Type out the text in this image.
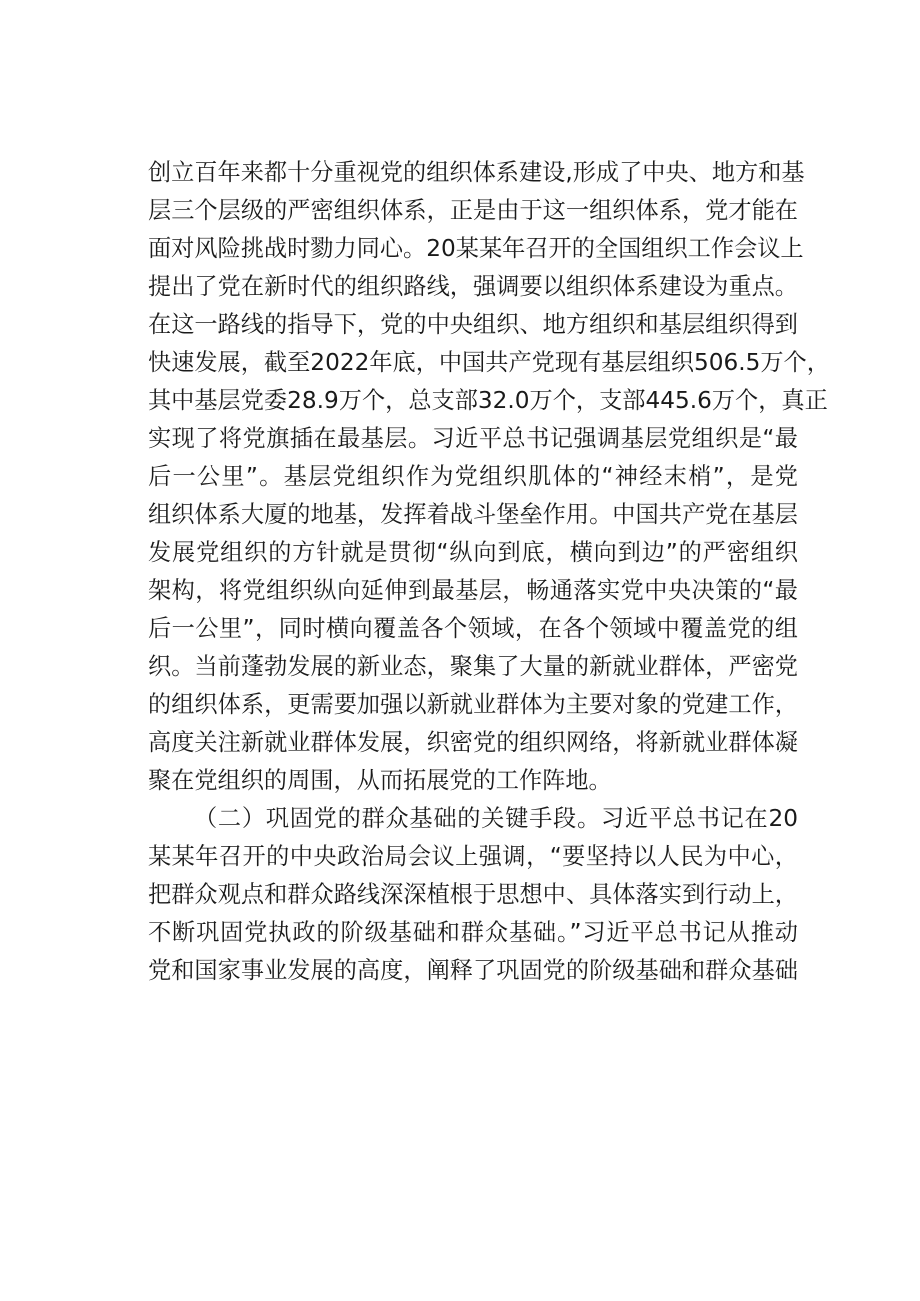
创立百年来都十分重视党的组织体系建设,形成了中央、地方和基

层三个层级的严密组织体系，正是由于这一组织体系，党才能在

面对风险挑战时勠力同心。20某某年召开的全国组织工作会议上

提出了党在新时代的组织路线，强调要以组织体系建设为重点。

在这一路线的指导下，党的中央组织、地方组织和基层组织得到

快速发展，截至2022年底，中国共产党现有基层组织506.5万个，

其中基层党委28.9万个，总支部32.0万个，支部445.6万个，真正

实现了将党旗插在最基层。习近平总书记强调基层党组织是“最

后一公里”。基层党组织作为党组织肌体的“神经末梢”，是党

组织体系大厦的地基，发挥着战斗堡垒作用。中国共产党在基层

发展党组织的方针就是贯彻“纵向到底，横向到边”的严密组织

架构，将党组织纵向延伸到最基层，畅通落实党中央决策的“最

后一公里”，同时横向覆盖各个领域，在各个领域中覆盖党的组

织。当前蓬勃发展的新业态，聚集了大量的新就业群体，严密党

的组织体系，更需要加强以新就业群体为主要对象的党建工作，

高度关注新就业群体发展，织密党的组织网络，将新就业群体凝

聚在党组织的周围，从而拓展党的工作阵地。

（二）巩固党的群众基础的关键手段。习近平总书记在20

某某年召开的中央政治局会议上强调，“要坚持以人民为中心，

把群众观点和群众路线深深植根于思想中、具体落实到行动上，

不断巩固党执政的阶级基础和群众基础。”习近平总书记从推动

党和国家事业发展的高度，阐释了巩固党的阶级基础和群众基础
